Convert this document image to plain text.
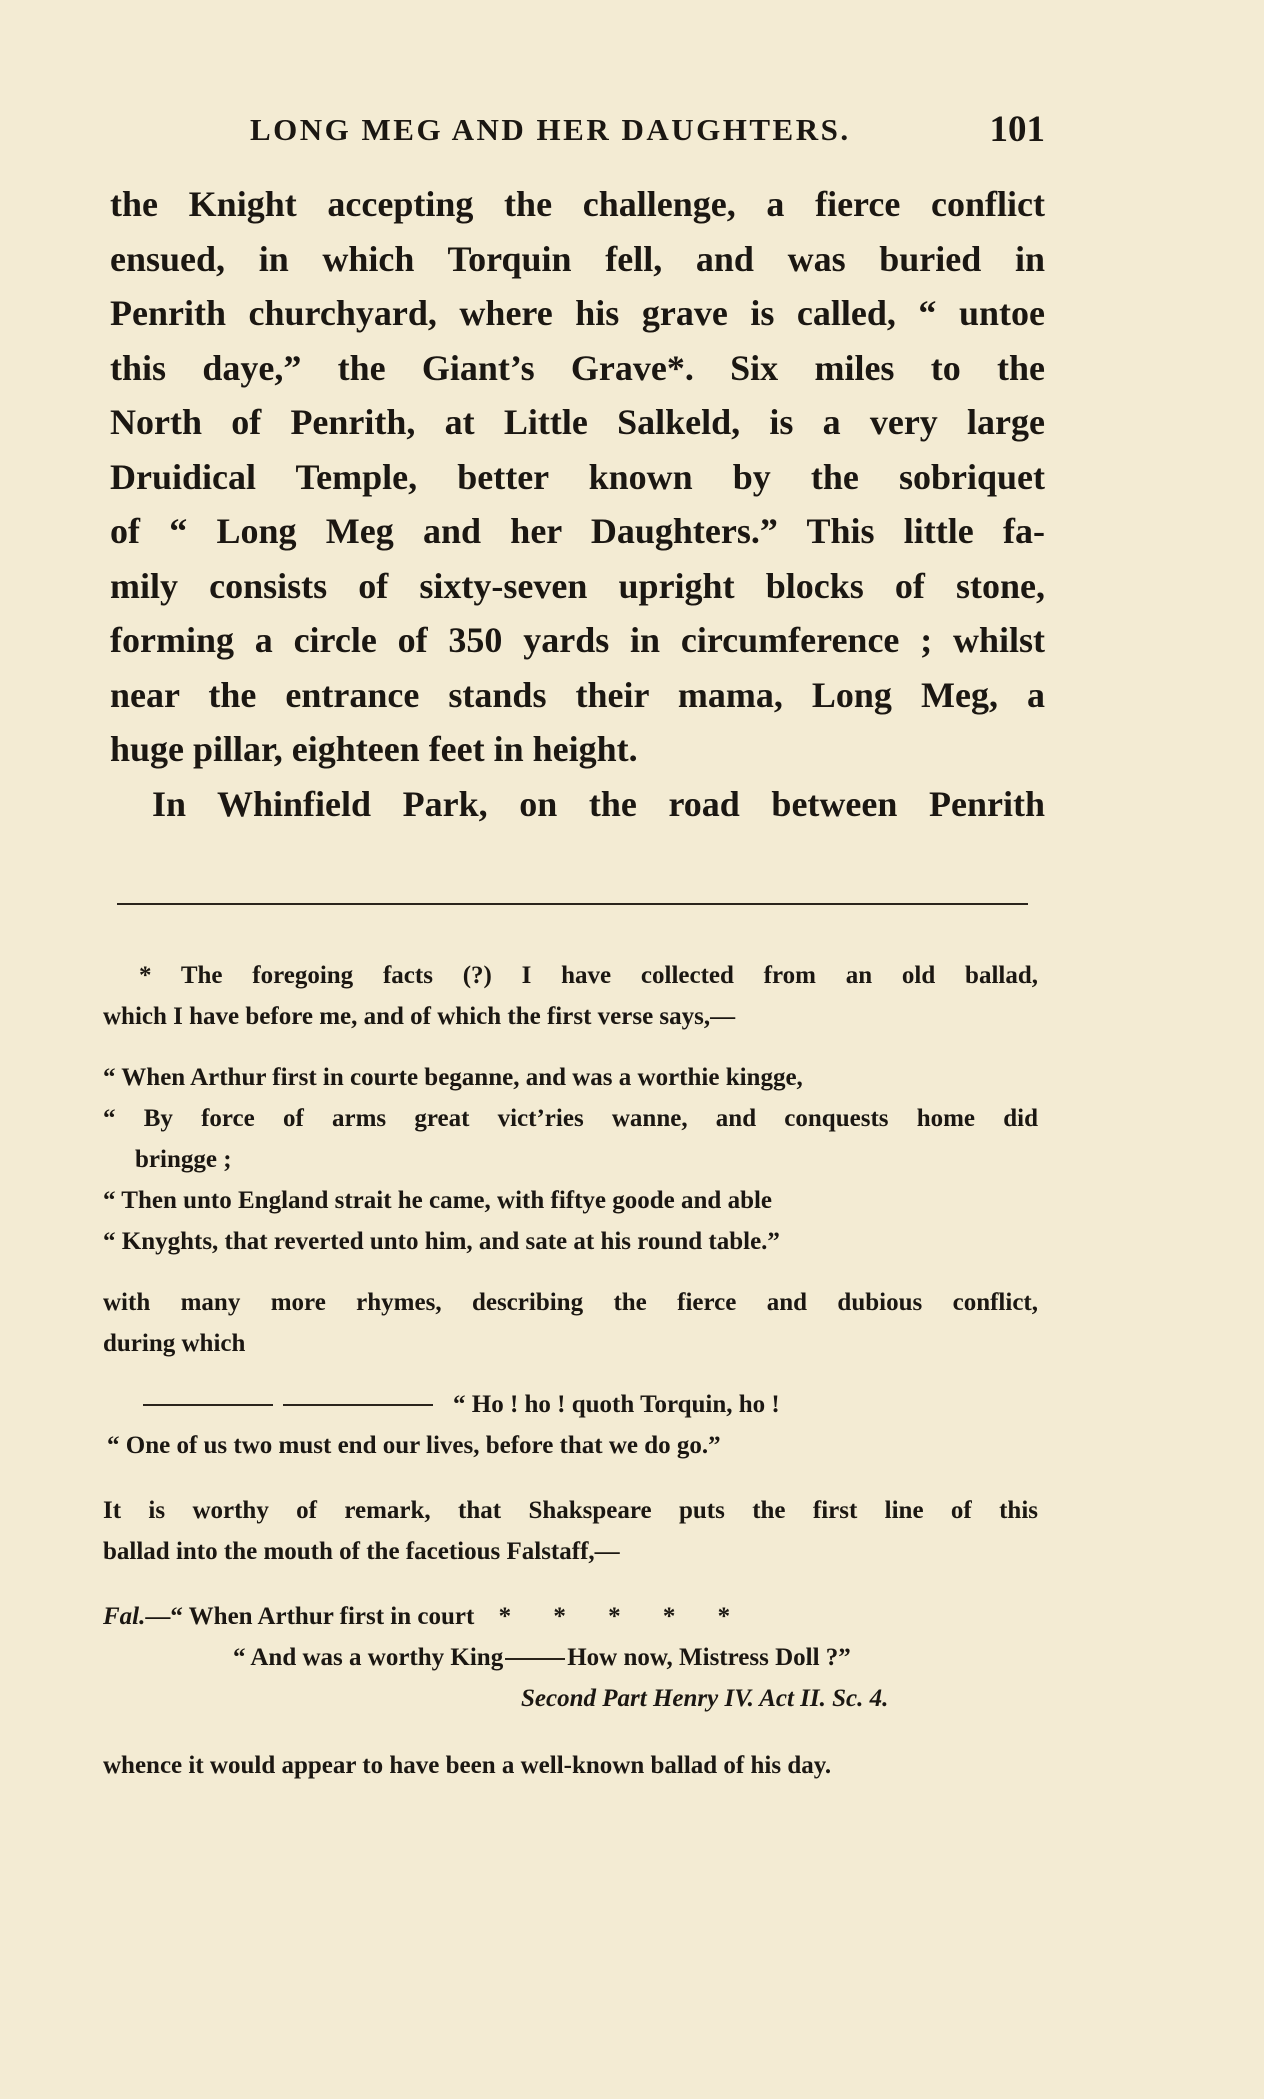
LONG MEG AND HER DAUGHTERS.	101
the Knight accepting the challenge, a fierce conflict
ensued, in which Torquin fell, and was buried in
Penrith churchyard, where his grave is called, “ untoe
this daye,” the Giant’s Grave*. Six miles to the
North of Penrith, at Little Salkeld, is a very large
Druidical Temple, better known by the sobriquet
of “ Long Meg and her Daughters.” This little fa-
mily consists of sixty-seven upright blocks of stone,
forming a circle of 350 yards in circumference ; whilst
near the entrance stands their mama, Long Meg, a
huge pillar, eighteen feet in height.
In Whinfield Park, on the road between Penrith
* The foregoing facts (?) I have collected from an old ballad,
which I have before me, and of which the first verse says,—
“ When Arthur first in courte beganne, and was a worthie kingge,
“ By force of arms great vict’ries wanne, and conquests home did
bringge ;
“ Then unto England strait he came, with fiftye goode and able
“ Knyghts, that reverted unto him, and sate at his round table.”
with many more rhymes, describing the fierce and dubious conflict,
during which
“ Ho ! ho ! quoth Torquin, ho !
“ One of us two must end our lives, before that we do go.”
It is worthy of remark, that Shakspeare puts the first line of this
ballad into the mouth of the facetious Falstaff,—
Fal.—“ When Arthur first in court * * * * *
“ And was a worthy King	How now, Mistress Doll ?”
Second Part Henry IV. Act II. Sc. 4.
whence it would appear to have been a well-known ballad of his day.
